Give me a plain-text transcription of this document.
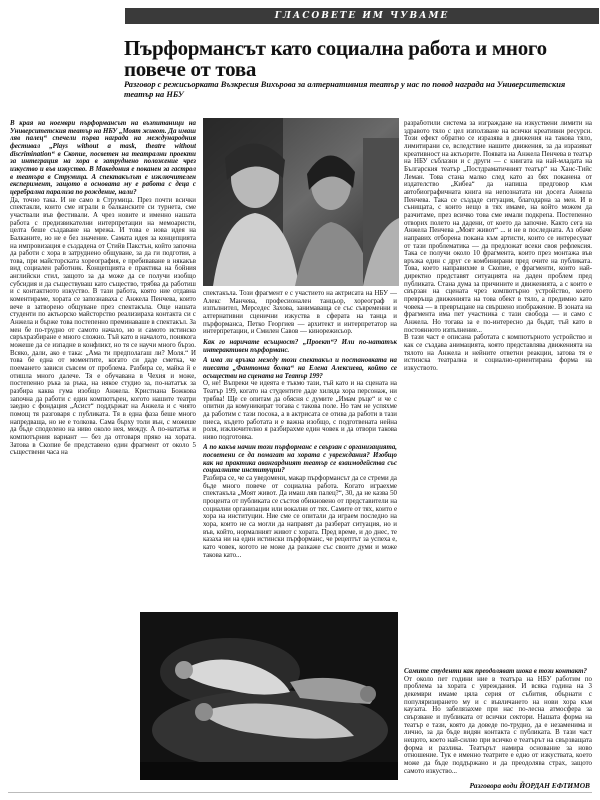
ГЛАСОВЕТЕ ИМ ЧУВАМЕ
Пърформансът като социална работа и много повече от това

Разговор с режисьорката Възкресия Вихърова за алтернативния театър у нас по повод награда на Университетския театър на НБУ

В края на ноември пърформансът на възпитаници на Университетския театър на НБУ „Моят живот. Да имаш ляв палец“ спечели първа награда на международния фестивал „Plays without a mask, theatre without discrimination“ в Скопие, посветен на театрални проекти за интеграция на хора в затруднено положение чрез изкуство и във изкуство. В Македония е поканен за гастрол в театъра в Струмица. А спектакълът е изключителен експеримент, защото в основата му е работа с деца с церебрална парализа по рождение, нали?

Да, точно така. И не само в Струмица. През почти всички спектакли, които сме играли в балканските си турнета, сме участвали във фестивали. А чрез новите и именно нашата работа с предизвикателни интерпретации на мемоаристи, целта беше създаване на мрежа. И това е нова идея на Балканите, но не е без значение. Самата идея за концепцията на импровизация е създадена от Стийв Пакстън, който започна да работи с хора в затруднено общуване, за да ги подготви, а това, при майсторската хореография, е пребиваване в някакъв вид социален работник. Концепцията е практика на бойния английски стил, защото за да може да се получи изобщо субсидия и да съществуваш като същество, трябва да работиш и с контактното изкуство. В тази работа, която ние отдавна коментираме, хората се запознаваха с Анжела Пенчева, които вече в затворено общуване през спектакъла. Още нашата студенти по актьорско майсторство реализираха контакта си с Анжела и бърже това постепенно преминаваше в спектакъл. За мен бе по-трудно от самото начало, но и самото истинско свръхразбиране е много сложно. Тъй като в началото, понякога можеше да се изпадне в конфликт, но тя се научи много бързо. Всяко, дали, ако е така: „Ама ти предполагаш ли? Моля.“ И това бе една от моментите, когато си даде сметка, че поемането зависи съвсем от проблема. Разбира се, майка й е отишла много далече. Тя е обучавана в Чехия и може, постепенно ръка за ръка, на някое студио за, по-нататък за разбира каква гума изобщо Анжела. Кристиана Божкова започна да работи с един компютърен, когото нашите театри заедно с фондация „Асист“ поддържат на Анжела и с чиято помощ тя разговаря с публиката. Тя в една фаза беше много напредваща, но не е толкова. Сама бърху толи вън, с можеше да бъде споделено на ниво около нея, между. А по-нататък и компютърния вариант — без да отговаря пряко на хората. Затова в Скопие бе представено един фрагмент от около 5 съществени часа на

спектакъла. Този фрагмент е с участието на актрисата на НБУ — Алекс Манчева, професионален танцьор, хореограф и изпълнител, Мерседес Захова, занимаваща се със съвременни и алтернативни сценични изкуства в сферата на танца и пърформанса, Петко Георгиев — архитект и интерпретатор на интерпретации, и Смилен Савов — кинорежисьор.

Как го наричате всъщност? „Проект“? Или по-нататък интерактивен пърформанс.

А има ли връзка между този спектакъл и постановката на пиесата „Фантомна болка“ на Елена Алексиева, който се осъществи на сцената на Театър 199?

О, не! Въпреки че идеята е тъкмо тази, тъй като и на сцената на Театър 199, когато на студентите даде хиляда хора персонаж, ни трябва! Ще се опитам да обясня с думите „Имам ръце“ и че с опитни да комуникират тогава с такова поле. Но там не успяхме да работим с тази посока, а в актрисата се отива да работи в тази пиеса, където работата и е важна изобщо, с подготвената нейна роля, изключително я разбирахме един човек и да отвори такова ниво подготовка.

А по какъв начин този пърформанс е свързан с организацията, посветени се да помагат на хората с увреждания? Изобщо как на практика авангардният театър се взаимодейства със социалните институции?

Разбира се, че са уведомени, макар пърформансът да се стреми да бъде много повече от социална работа. Когато играехме спектакъла „Моят живот. Да имаш ляв палец?“, 30, да не казва 50 процента от публиката се състоя обикновено от представители на социални организации или вокални от тях. Самите от тях, които е хора на институции. Ние сме се опитали да играем последно на хора, които не са могли да направят да разберат ситуация, но и във, който, нормалният живот с хората. Пред време, и до днес, те казаха ни на един истински пърформанс, че рецептът за успеха е, като човек, когото не може да разкаже със своите думи и може такова като...

разработили система за изграждане на изкуствени лимити на здравото тяло с цел използване на всички креативни ресурси. Този ефект обратно се изразява в движения на такова тяло, лимитирани се, вследствие нашите движения, за да изразяват креативност на актьорите. Появата на Анжела Пенчева в театър на НБУ съблазни и с други — с книгата на най-младата на Българския театър „Постдраматичният театър“ на Ханс-Тийс Леман. Това стана малко след като аз бях поканена от издателство „Кибеа“ да напиша предговор към автобиографичната книга на непознатата ни досега Анжела Пенчева. Така се създаде ситуация, благодарна за мен. И в сънищата, с които нещо в тях имаме, на който можем да разчитаме, през всичко това сме имали подкрепа. Постепенно отворих полето на дадени, от което да започне. Както сега на Анжела Пенчева „Моят живот“ ... и не в последната. Аз обаче направих отборена покана към артисти, които се интересуват от тази проблематика — да предложат всеки своя рефлексия. Така се получи около 10 фрагмента, които през монтажа във връзка един с друг се комбинирани пред очите на публиката. Това, което направихме в Скопие, е фрагменти, които най-директно представят ситуацията на даден проблем пред публиката. Стана дума за причините и движенията, а с които е свързан на сцената чрез компютърно устройство, което превръща движенията на това обект в тяло, а предимно като човека — в превръщане на свършено изображение. В зоната на фрагмента има пет участника с тази свобода — и само с Анжела. Но тогава за е по-интересно да бъдат, тъй като в постоянното изпълнение...

В тази част е описана работата с компютърното устройство и как се създава анимацията, която представлява движенията на тялото на Анжела и нейните ответни реакции, затова тя е истинска театрална и социално-ориентирана форма на изкуството.

Самите студенти как преодоляват шока в този контакт?

От около пет години ние в театъра на НБУ работим по проблема за хората с увреждания. И всяка година на 3 декември имаме цяла серия от събития, обърнати с популяризирането му и с въвличането на нови хора към каузата. Но забелязахме при нас по-лесна атмосфера за свързване и публиката от всички сектори. Нашата форма на театър е тази, която да доведе по-трудно, да е незаменима и лично, за да бъде видян контакта с публиката. В тази част нещото, което най-силно при всичко е театърът на свързващата форма и разлика. Театърът намира основание за ново отношение. Тук е именно театрите е едно от изкуствата, което може да бъде поддържано и да преодолява страх, защото самото изкуство...

Разговора води ЙОРДАН ЕФТИМОВ
